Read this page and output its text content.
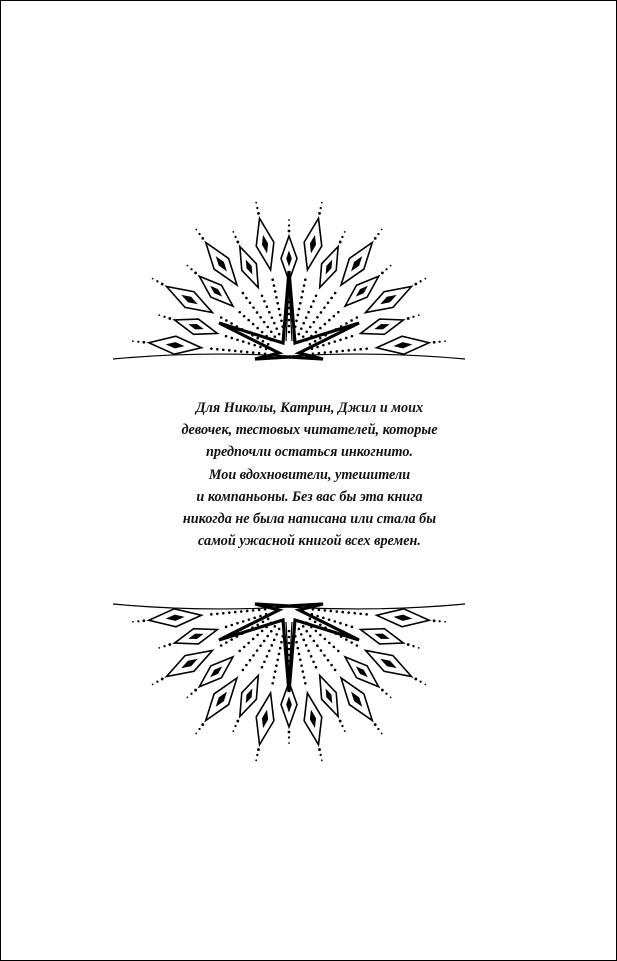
Для Николы, Катрин, Джил и моих
девочек, тестовых читателей, которые
предпочли остаться инкогнито.
Мои вдохновители, утешители
и компаньоны. Без вас бы эта книга
никогда не была написана или стала бы
самой ужасной книгой всех времен.
